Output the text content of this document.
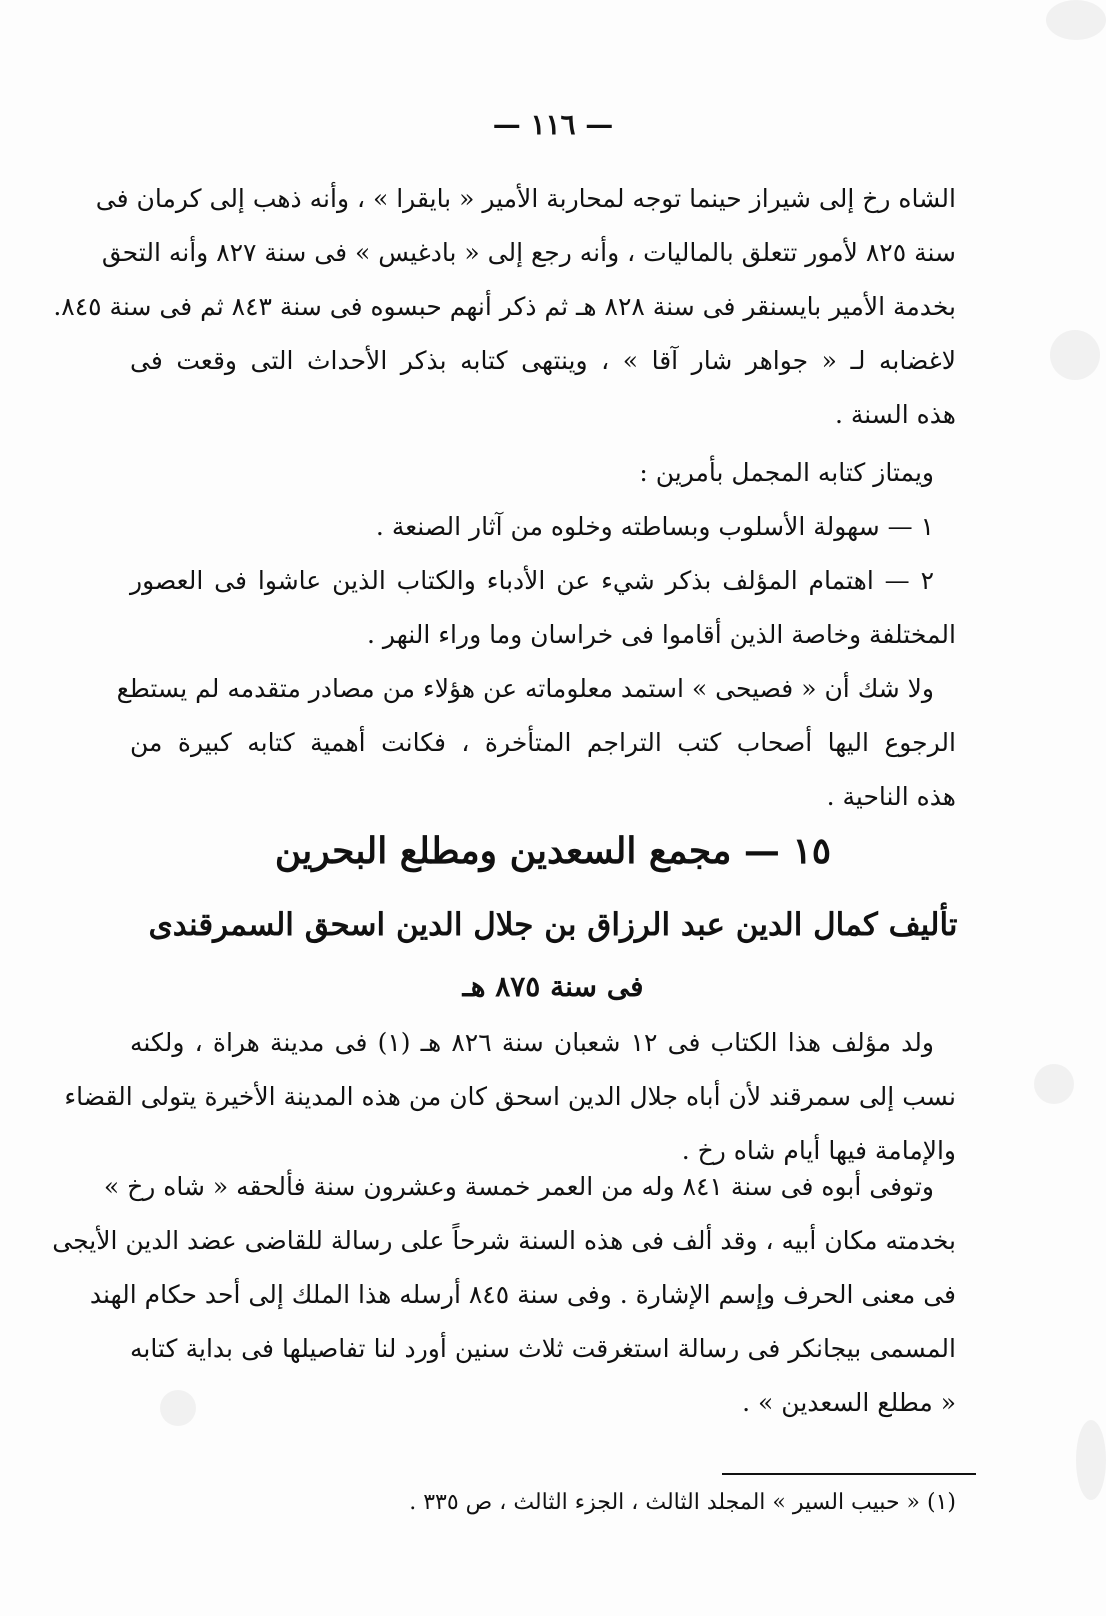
— ١١٦ —
الشاه رخ إلى شيراز حينما توجه لمحاربة الأمير « بايقرا » ، وأنه ذهب إلى كرمان فى
سنة ٨٢٥ لأمور تتعلق بالماليات ، وأنه رجع إلى « بادغيس » فى سنة ٨٢٧ وأنه التحق
بخدمة الأمير بايسنقر فى سنة ٨٢٨ هـ ثم ذكر أنهم حبسوه فى سنة ٨٤٣ ثم فى سنة ٨٤٥.
لاغضابه لـ « جواهر شار آقا » ، وينتهى كتابه بذكر الأحداث التى وقعت فى
هذه السنة .
ويمتاز كتابه المجمل بأمرين :
١ — سهولة الأسلوب وبساطته وخلوه من آثار الصنعة .
٢ — اهتمام المؤلف بذكر شيء عن الأدباء والكتاب الذين عاشوا فى العصور
المختلفة وخاصة الذين أقاموا فى خراسان وما وراء النهر .
ولا شك أن « فصيحى » استمد معلوماته عن هؤلاء من مصادر متقدمه لم يستطع
الرجوع اليها أصحاب كتب التراجم المتأخرة ، فكانت أهمية كتابه كبيرة من
هذه الناحية .
١٥ — مجمع السعدين ومطلع البحرين
تأليف كمال الدين عبد الرزاق بن جلال الدين اسحق السمرقندى
فى سنة ٨٧٥ هـ
ولد مؤلف هذا الكتاب فى ١٢ شعبان سنة ٨٢٦ هـ (١) فى مدينة هراة ، ولكنه
نسب إلى سمرقند لأن أباه جلال الدين اسحق كان من هذه المدينة الأخيرة يتولى القضاء
والإمامة فيها أيام شاه رخ .
وتوفى أبوه فى سنة ٨٤١ وله من العمر خمسة وعشرون سنة فألحقه « شاه رخ »
بخدمته مكان أبيه ، وقد ألف فى هذه السنة شرحاً على رسالة للقاضى عضد الدين الأيجى
فى معنى الحرف وإسم الإشارة . وفى سنة ٨٤٥ أرسله هذا الملك إلى أحد حكام الهند
المسمى بيجانكر فى رسالة استغرقت ثلاث سنين أورد لنا تفاصيلها فى بداية كتابه
« مطلع السعدين » .
(١) « حبيب السير » المجلد الثالث ، الجزء الثالث ، ص ٣٣٥ .
